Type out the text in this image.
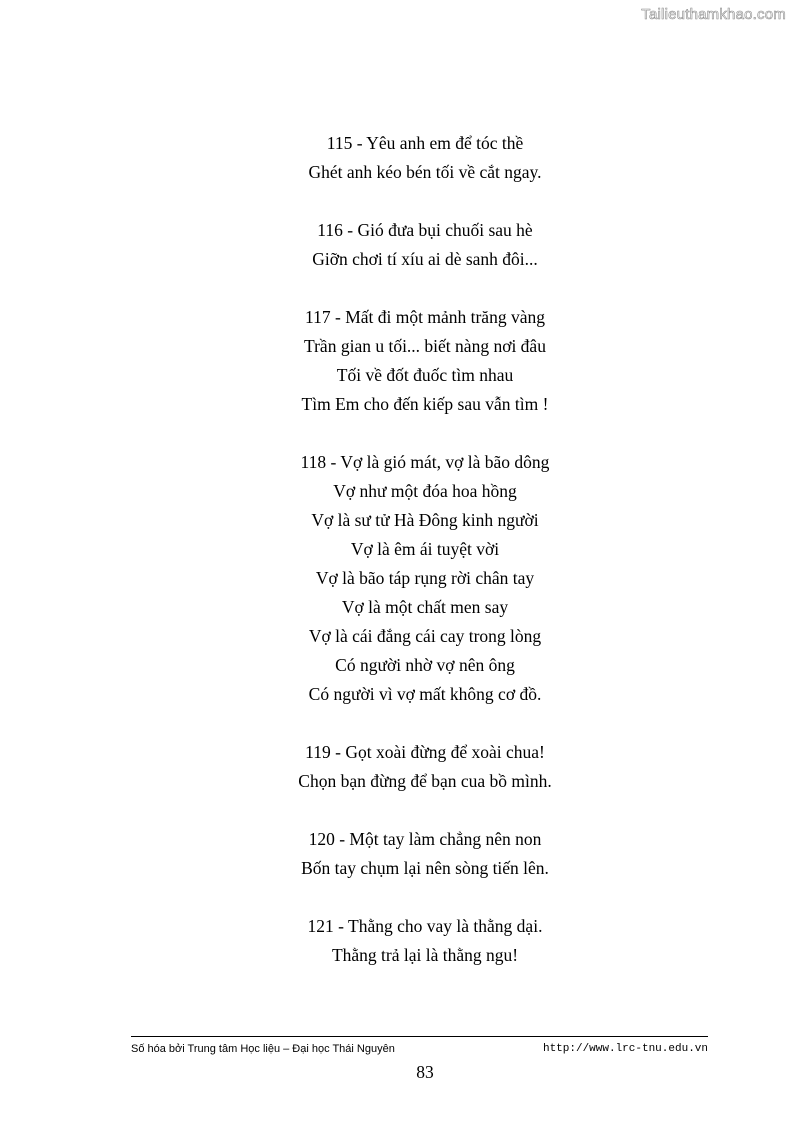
Tailieuthamkhao.com
115 - Yêu anh em để tóc thề
Ghét anh kéo bén tối về cắt ngay.
116 - Gió đưa bụi chuối sau hè
Giỡn chơi tí xíu ai dè sanh đôi...
117 - Mất đi một mảnh trăng vàng
Trần gian u tối... biết nàng nơi đâu
Tối về đốt đuốc tìm nhau
Tìm Em cho đến kiếp sau vẫn tìm !
118 - Vợ là gió mát, vợ là bão dông
Vợ như một đóa hoa hồng
Vợ là sư tử Hà Đông kinh người
Vợ là êm ái tuyệt vời
Vợ là bão táp rụng rời chân tay
Vợ là một chất men say
Vợ là cái đắng cái cay trong lòng
Có người nhờ vợ nên ông
Có người vì vợ mất không cơ đồ.
119 - Gọt xoài đừng để xoài chua!
Chọn bạn đừng để bạn cua bồ mình.
120 - Một tay làm chẳng nên non
Bốn tay chụm lại nên sòng tiến lên.
121 - Thằng cho vay là thằng dại.
Thằng trả lại là thằng ngu!
Số hóa bởi Trung tâm Học liệu – Đại học Thái Nguyên	http://www.lrc-tnu.edu.vn
83
